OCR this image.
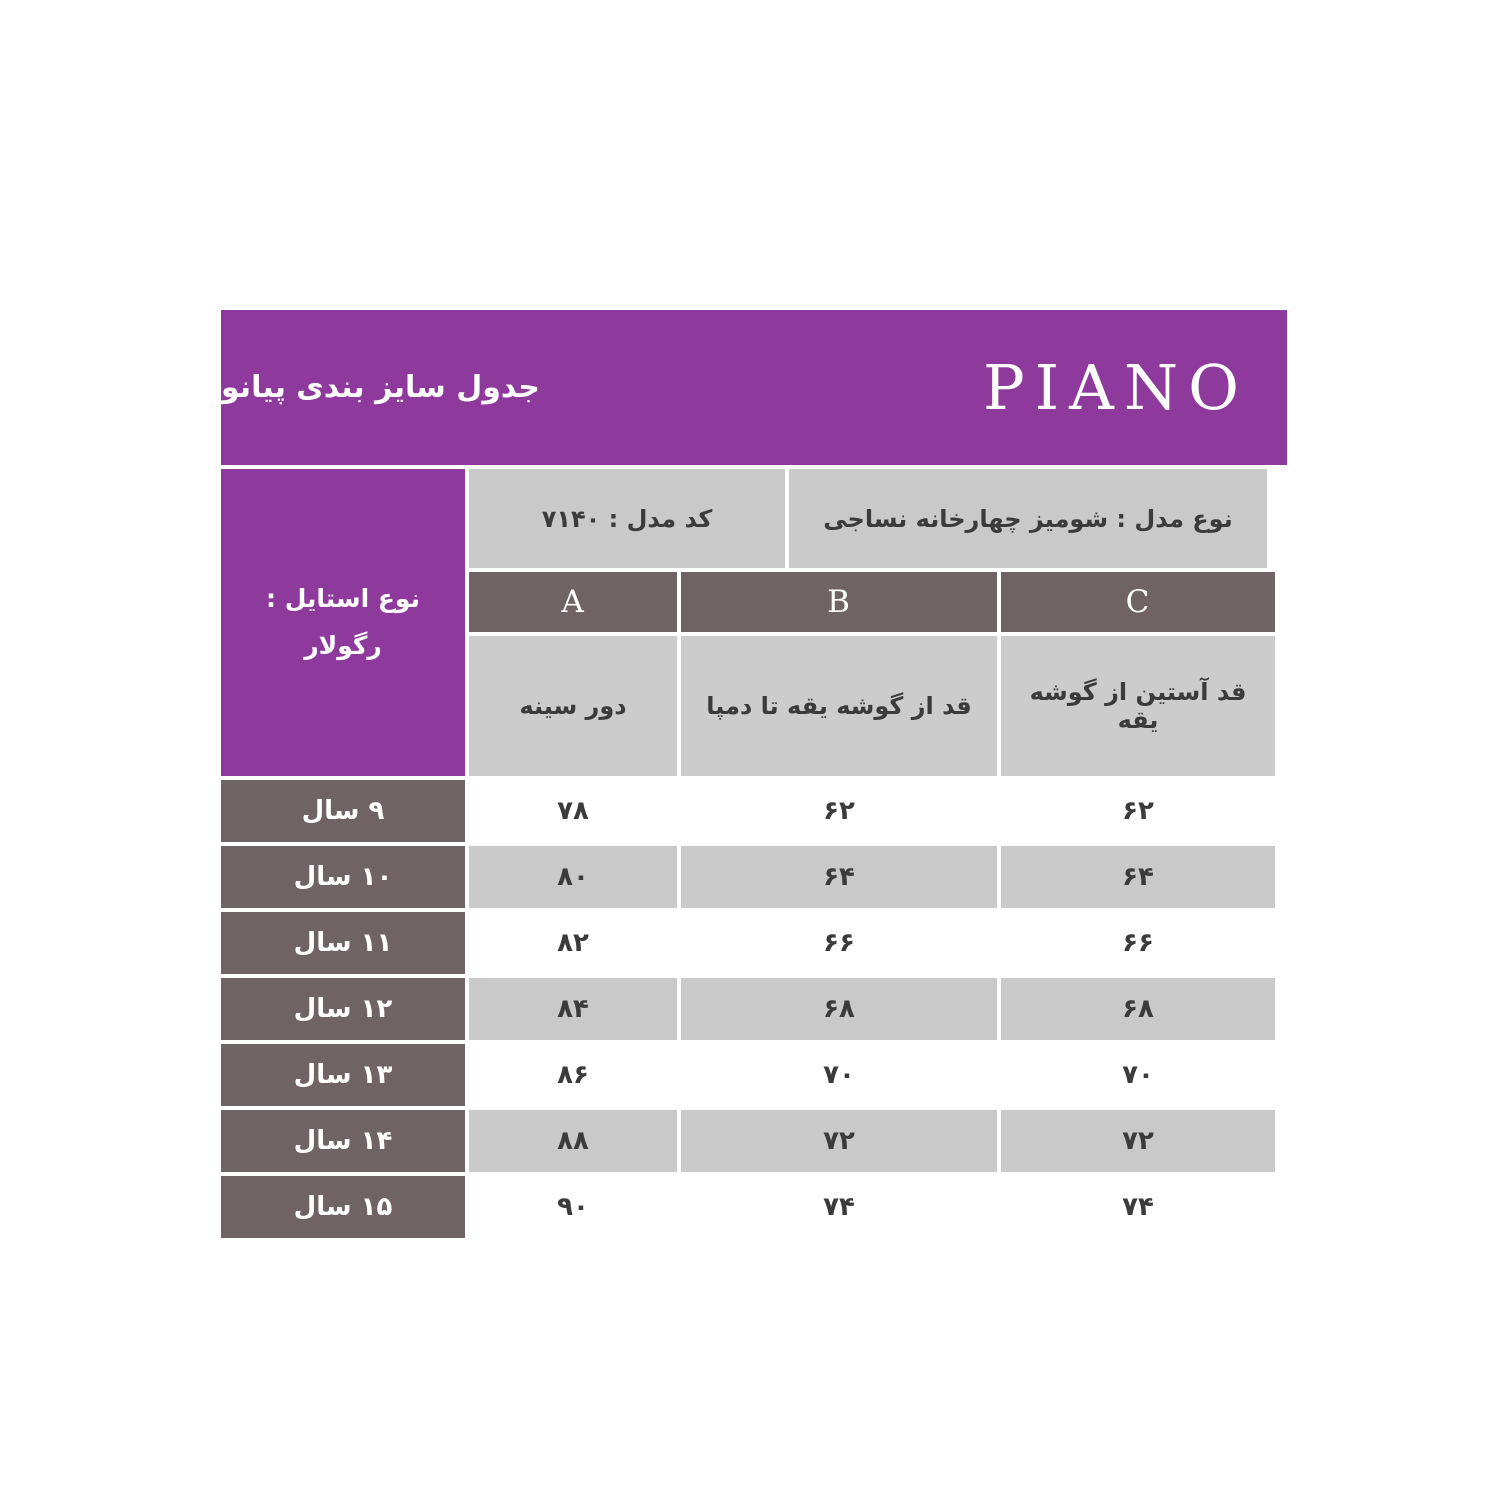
PIANO
جدول سایز بندی پیانو
نوع استایل :
رگولار
کد مدل : ۷۱۴۰	نوع مدل : شومیز چهارخانه نساجی
A	B	C
دور سینه	قد از گوشه یقه تا دمپا	قد آستین از گوشه یقه
۹ سال	۷۸	۶۲	۶۲
۱۰ سال	۸۰	۶۴	۶۴
۱۱ سال	۸۲	۶۶	۶۶
۱۲ سال	۸۴	۶۸	۶۸
۱۳ سال	۸۶	۷۰	۷۰
۱۴ سال	۸۸	۷۲	۷۲
۱۵ سال	۹۰	۷۴	۷۴
